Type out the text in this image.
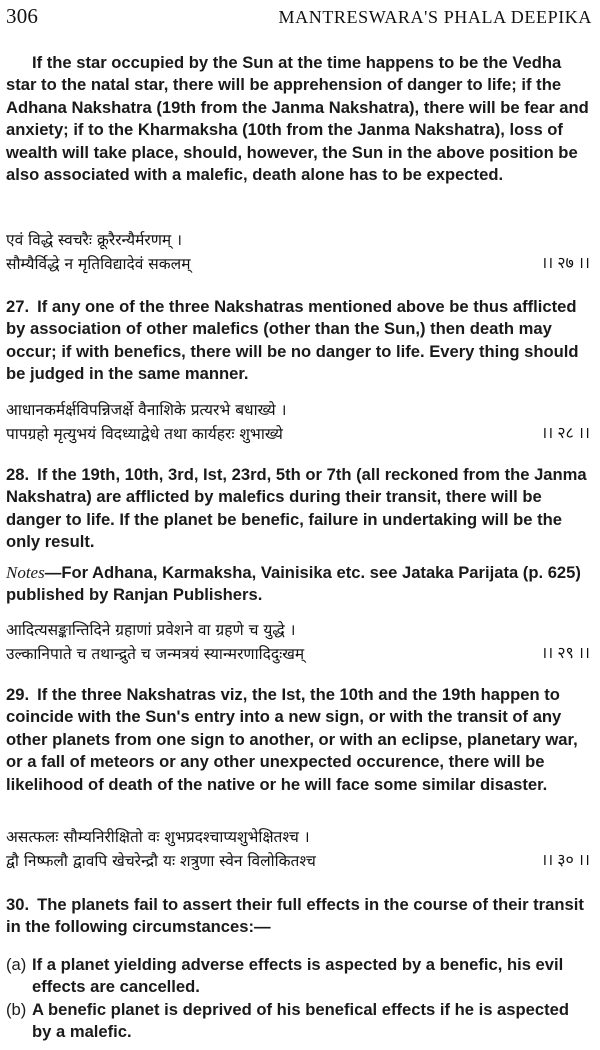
306	MANTRESWARA'S PHALA DEEPIKA

If the star occupied by the Sun at the time happens to be the Vedha star to the natal star, there will be apprehension of danger to life; if the Adhana Nakshatra (19th from the Janma Nakshatra), there will be fear and anxiety; if to the Kharmaksha (10th from the Janma Nakshatra), loss of wealth will take place, should, however, the Sun in the above position be also associated with a malefic, death alone has to be expected.

एवं विद्धे स्वचरैः क्रूरैरन्यैर्मरणम् ।
सौम्यैर्विद्धे न मृतिविद्यादेवं सकलम्	।। २७ ।।

27. If any one of the three Nakshatras mentioned above be thus afflicted by association of other malefics (other than the Sun,) then death may occur; if with benefics, there will be no danger to life. Every thing should be judged in the same manner.

आधानकर्मर्क्षविपन्निजर्क्षे वैनाशिके प्रत्यरभे बधाख्ये ।
पापग्रहो मृत्युभयं विदध्याद्वेधे तथा कार्यहरः शुभाख्ये	।। २८ ।।

28. If the 19th, 10th, 3rd, Ist, 23rd, 5th or 7th (all reckoned from the Janma Nakshatra) are afflicted by malefics during their transit, there will be danger to life. If the planet be benefic, failure in undertaking will be the only result.

Notes—For Adhana, Karmaksha, Vainisika etc. see Jataka Parijata (p. 625) published by Ranjan Publishers.

आदित्यसङ्कान्तिदिने ग्रहाणां प्रवेशने वा ग्रहणे च युद्धे ।
उल्कानिपाते च तथान्द्रुते च जन्मत्रयं स्यान्मरणादिदुःखम्	।। २९ ।।

29. If the three Nakshatras viz, the Ist, the 10th and the 19th happen to coincide with the Sun's entry into a new sign, or with the transit of any other planets from one sign to another, or with an eclipse, planetary war, or a fall of meteors or any other unexpected occurence, there will be likelihood of death of the native or he will face some similar disaster.

असत्फलः सौम्यनिरीक्षितो वः शुभप्रदश्चाप्यशुभेक्षितश्च ।
द्वौ निष्फलौ द्वावपि खेचरेन्द्रौ यः शत्रुणा स्वेन विलोकितश्च	।। ३० ।।

30. The planets fail to assert their full effects in the course of their transit in the following circumstances:—

(a) If a planet yielding adverse effects is aspected by a benefic, his evil effects are cancelled.
(b) A benefic planet is deprived of his benefical effects if he is aspected by a malefic.
